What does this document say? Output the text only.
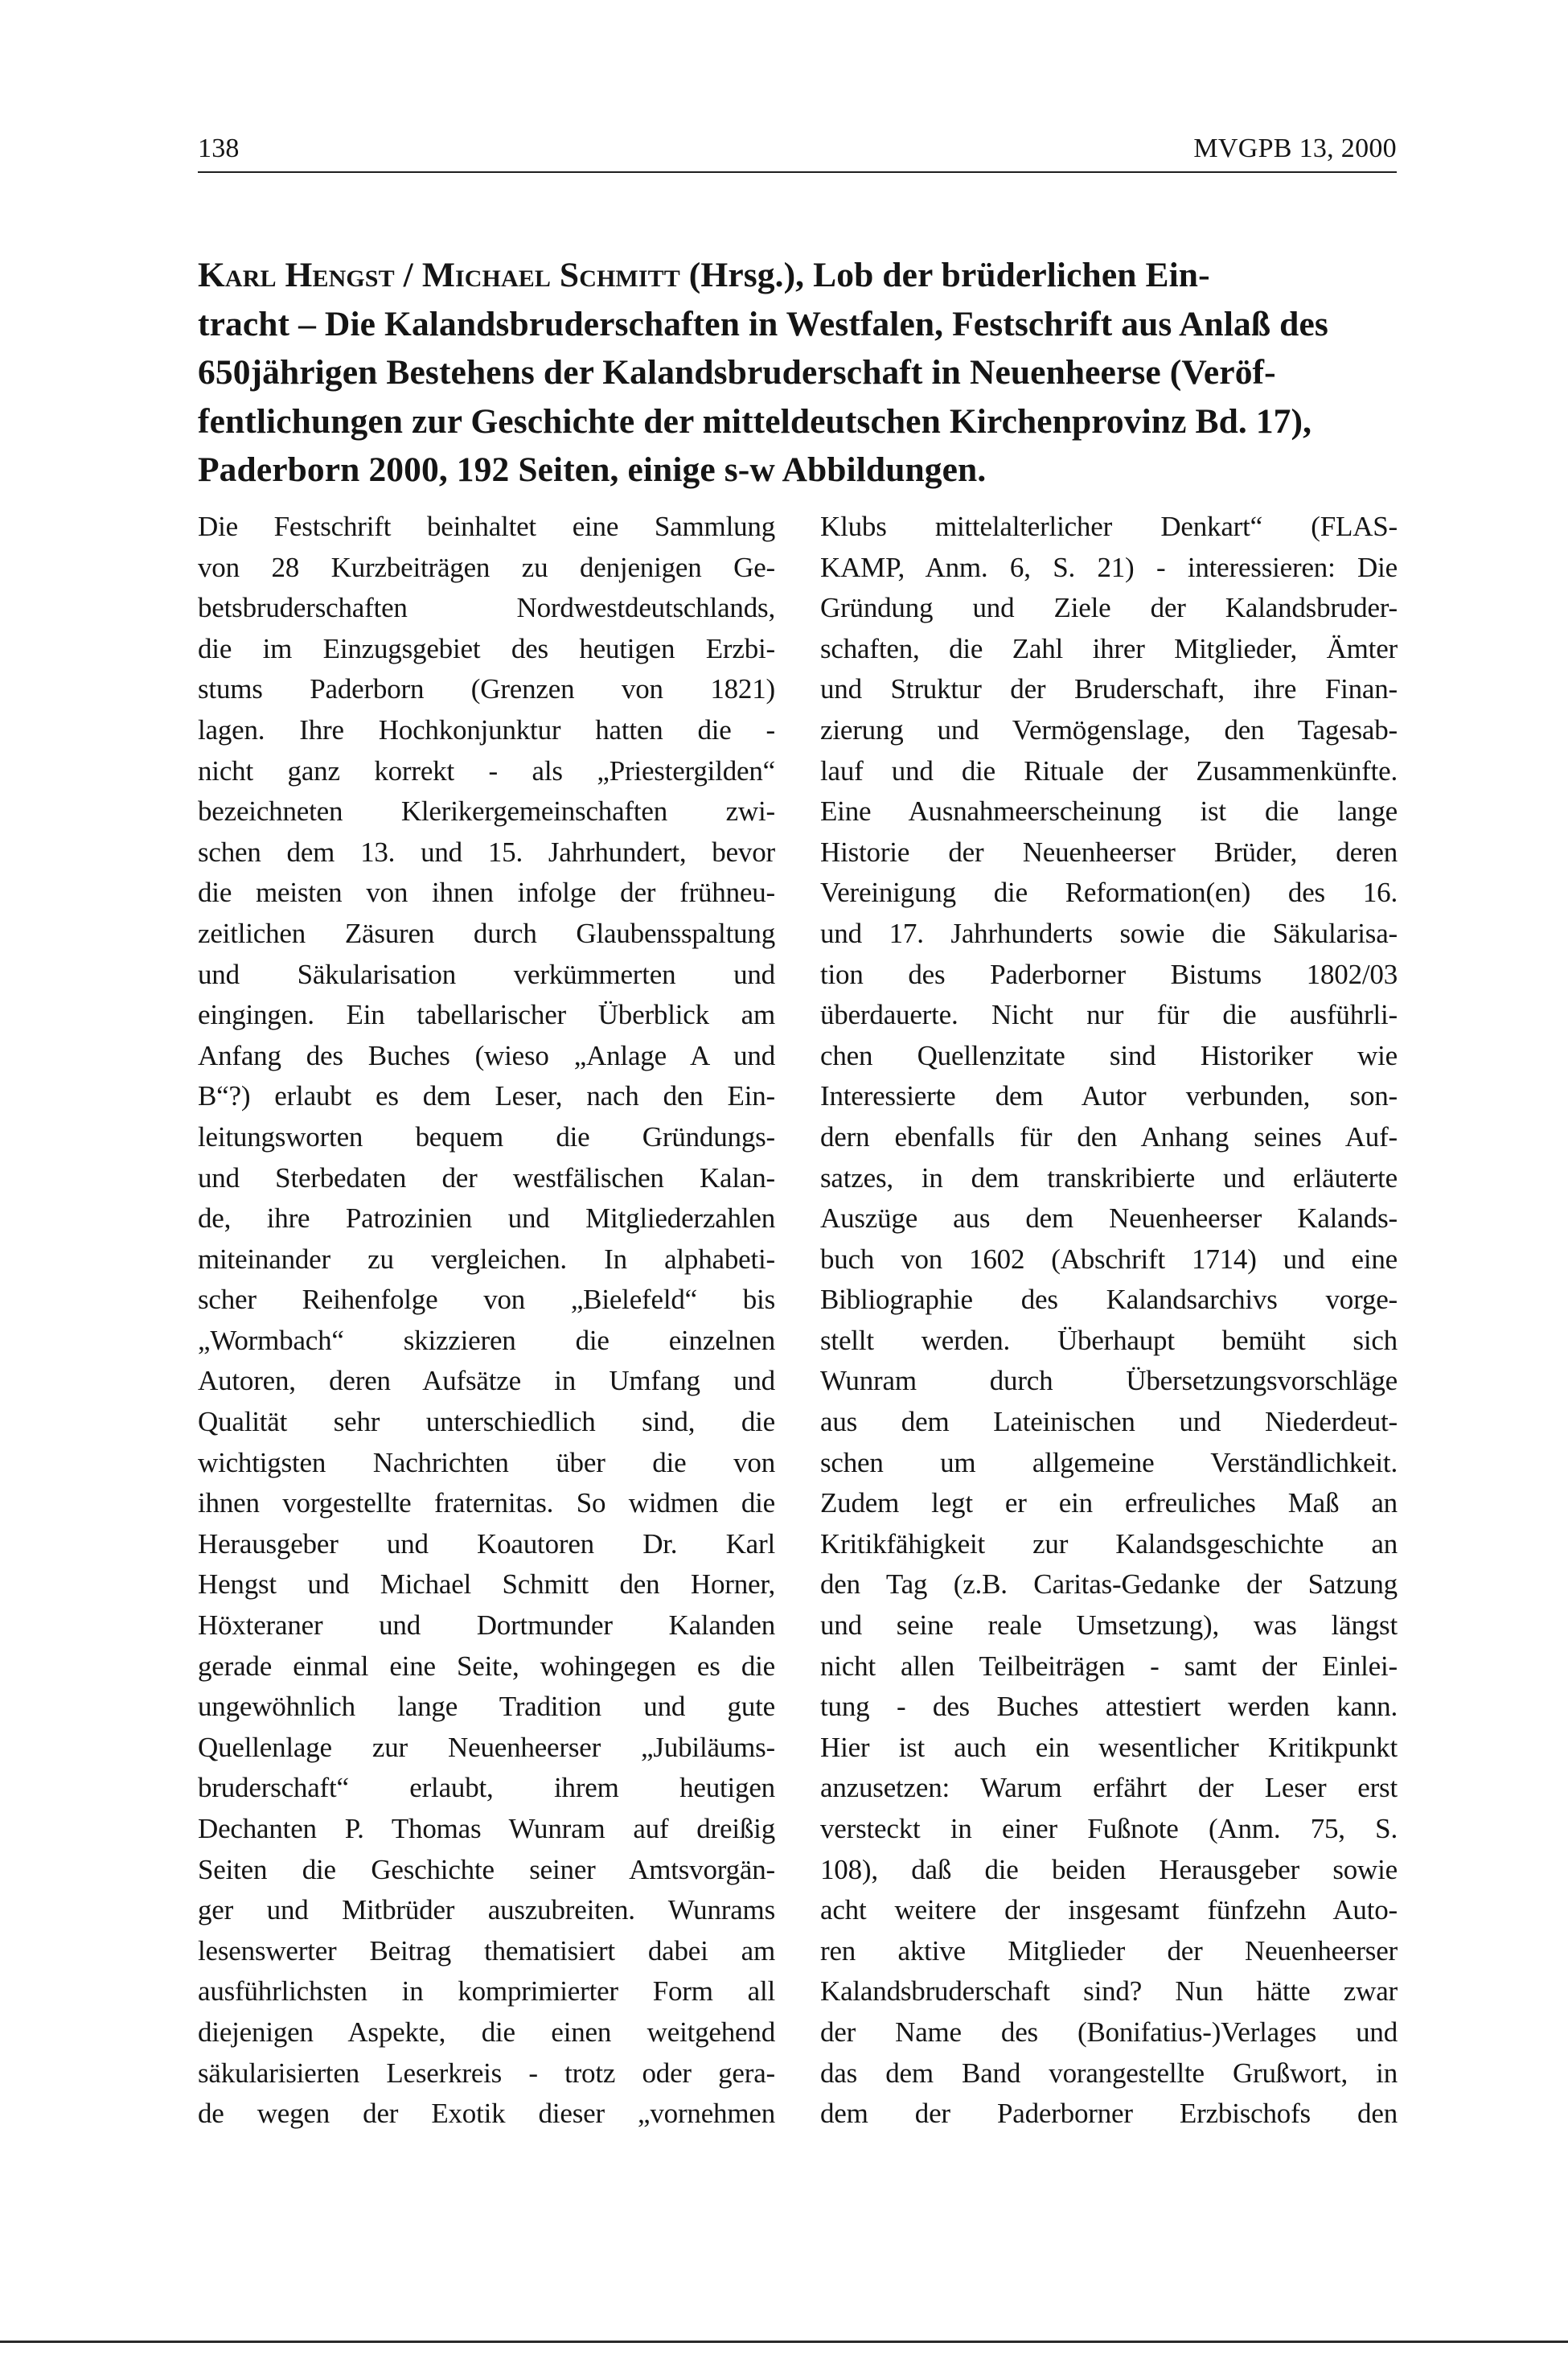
138	MVGPB 13, 2000
Karl Hengst / Michael Schmitt (Hrsg.), Lob der brüderlichen Ein-
tracht – Die Kalandsbruderschaften in Westfalen, Festschrift aus Anlaß des
650jährigen Bestehens der Kalandsbruderschaft in Neuenheerse (Veröf-
fentlichungen zur Geschichte der mitteldeutschen Kirchenprovinz Bd. 17),
Paderborn 2000, 192 Seiten, einige s-w Abbildungen.
Die Festschrift beinhaltet eine Sammlung
von 28 Kurzbeiträgen zu denjenigen Ge-
betsbruderschaften Nordwestdeutschlands,
die im Einzugsgebiet des heutigen Erzbi-
stums Paderborn (Grenzen von 1821)
lagen. Ihre Hochkonjunktur hatten die -
nicht ganz korrekt - als „Priestergilden“
bezeichneten Klerikergemeinschaften zwi-
schen dem 13. und 15. Jahrhundert, bevor
die meisten von ihnen infolge der frühneu-
zeitlichen Zäsuren durch Glaubensspaltung
und Säkularisation verkümmerten und
eingingen. Ein tabellarischer Überblick am
Anfang des Buches (wieso „Anlage A und
B“?) erlaubt es dem Leser, nach den Ein-
leitungsworten bequem die Gründungs-
und Sterbedaten der westfälischen Kalan-
de, ihre Patrozinien und Mitgliederzahlen
miteinander zu vergleichen. In alphabeti-
scher Reihenfolge von „Bielefeld“ bis
„Wormbach“ skizzieren die einzelnen
Autoren, deren Aufsätze in Umfang und
Qualität sehr unterschiedlich sind, die
wichtigsten Nachrichten über die von
ihnen vorgestellte fraternitas. So widmen die
Herausgeber und Koautoren Dr. Karl
Hengst und Michael Schmitt den Horner,
Höxteraner und Dortmunder Kalanden
gerade einmal eine Seite, wohingegen es die
ungewöhnlich lange Tradition und gute
Quellenlage zur Neuenheerser „Jubiläums-
bruderschaft“ erlaubt, ihrem heutigen
Dechanten P. Thomas Wunram auf dreißig
Seiten die Geschichte seiner Amtsvorgän-
ger und Mitbrüder auszubreiten. Wunrams
lesenswerter Beitrag thematisiert dabei am
ausführlichsten in komprimierter Form all
diejenigen Aspekte, die einen weitgehend
säkularisierten Leserkreis - trotz oder gera-
de wegen der Exotik dieser „vornehmen
Klubs mittelalterlicher Denkart“ (FLAS-
KAMP, Anm. 6, S. 21) - interessieren: Die
Gründung und Ziele der Kalandsbruder-
schaften, die Zahl ihrer Mitglieder, Ämter
und Struktur der Bruderschaft, ihre Finan-
zierung und Vermögenslage, den Tagesab-
lauf und die Rituale der Zusammenkünfte.
Eine Ausnahmeerscheinung ist die lange
Historie der Neuenheerser Brüder, deren
Vereinigung die Reformation(en) des 16.
und 17. Jahrhunderts sowie die Säkularisa-
tion des Paderborner Bistums 1802/03
überdauerte. Nicht nur für die ausführli-
chen Quellenzitate sind Historiker wie
Interessierte dem Autor verbunden, son-
dern ebenfalls für den Anhang seines Auf-
satzes, in dem transkribierte und erläuterte
Auszüge aus dem Neuenheerser Kalands-
buch von 1602 (Abschrift 1714) und eine
Bibliographie des Kalandsarchivs vorge-
stellt werden. Überhaupt bemüht sich
Wunram durch Übersetzungsvorschläge
aus dem Lateinischen und Niederdeut-
schen um allgemeine Verständlichkeit.
Zudem legt er ein erfreuliches Maß an
Kritikfähigkeit zur Kalandsgeschichte an
den Tag (z.B. Caritas-Gedanke der Satzung
und seine reale Umsetzung), was längst
nicht allen Teilbeiträgen - samt der Einlei-
tung - des Buches attestiert werden kann.
Hier ist auch ein wesentlicher Kritikpunkt
anzusetzen: Warum erfährt der Leser erst
versteckt in einer Fußnote (Anm. 75, S.
108), daß die beiden Herausgeber sowie
acht weitere der insgesamt fünfzehn Auto-
ren aktive Mitglieder der Neuenheerser
Kalandsbruderschaft sind? Nun hätte zwar
der Name des (Bonifatius-)Verlages und
das dem Band vorangestellte Grußwort, in
dem der Paderborner Erzbischofs den
